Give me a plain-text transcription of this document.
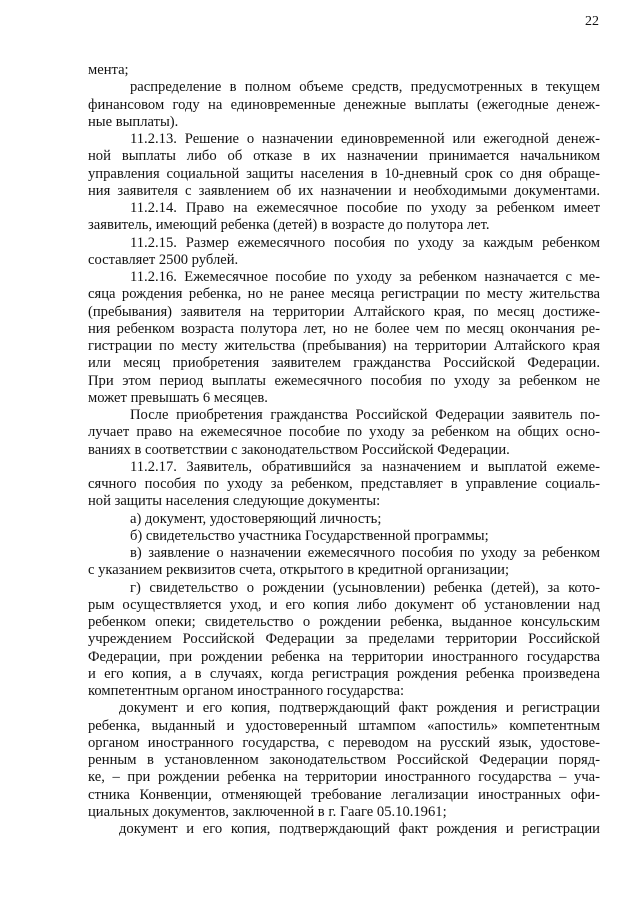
22
мента;
распределение в полном объеме средств, предусмотренных в текущем
финансовом году на единовременные денежные выплаты (ежегодные денеж-
ные выплаты).
11.2.13. Решение о назначении единовременной или ежегодной денеж-
ной выплаты либо об отказе в их назначении принимается начальником
управления социальной защиты населения в 10-дневный срок со дня обраще-
ния заявителя с заявлением об их назначении и необходимыми документами.
11.2.14. Право на ежемесячное пособие по уходу за ребенком имеет
заявитель, имеющий ребенка (детей) в возрасте до полутора лет.
11.2.15. Размер ежемесячного пособия по уходу за каждым ребенком
составляет 2500 рублей.
11.2.16. Ежемесячное пособие по уходу за ребенком назначается с ме-
сяца рождения ребенка, но не ранее месяца регистрации по месту жительства
(пребывания) заявителя на территории Алтайского края, по месяц достиже-
ния ребенком возраста полутора лет, но не более чем по месяц окончания ре-
гистрации по месту жительства (пребывания) на территории Алтайского края
или месяц приобретения заявителем гражданства Российской Федерации.
При этом период выплаты ежемесячного пособия по уходу за ребенком не
может превышать 6 месяцев.
После приобретения гражданства Российской Федерации заявитель по-
лучает право на ежемесячное пособие по уходу за ребенком на общих осно-
ваниях в соответствии с законодательством Российской Федерации.
11.2.17. Заявитель, обратившийся за назначением и выплатой ежеме-
сячного пособия по уходу за ребенком, представляет в управление социаль-
ной защиты населения следующие документы:
а) документ, удостоверяющий личность;
б) свидетельство участника Государственной программы;
в) заявление о назначении ежемесячного пособия по уходу за ребенком
с указанием реквизитов счета, открытого в кредитной организации;
г) свидетельство о рождении (усыновлении) ребенка (детей), за кото-
рым осуществляется уход, и его копия либо документ об установлении над
ребенком опеки; свидетельство о рождении ребенка, выданное консульским
учреждением Российской Федерации за пределами территории Российской
Федерации, при рождении ребенка на территории иностранного государства
и его копия, а в случаях, когда регистрация рождения ребенка произведена
компетентным органом иностранного государства:
документ и его копия, подтверждающий факт рождения и регистрации
ребенка, выданный и удостоверенный штампом «апостиль» компетентным
органом иностранного государства, с переводом на русский язык, удостове-
ренным в установленном законодательством Российской Федерации поряд-
ке, – при рождении ребенка на территории иностранного государства – уча-
стника Конвенции, отменяющей требование легализации иностранных офи-
циальных документов, заключенной в г. Гааге 05.10.1961;
документ и его копия, подтверждающий факт рождения и регистрации
